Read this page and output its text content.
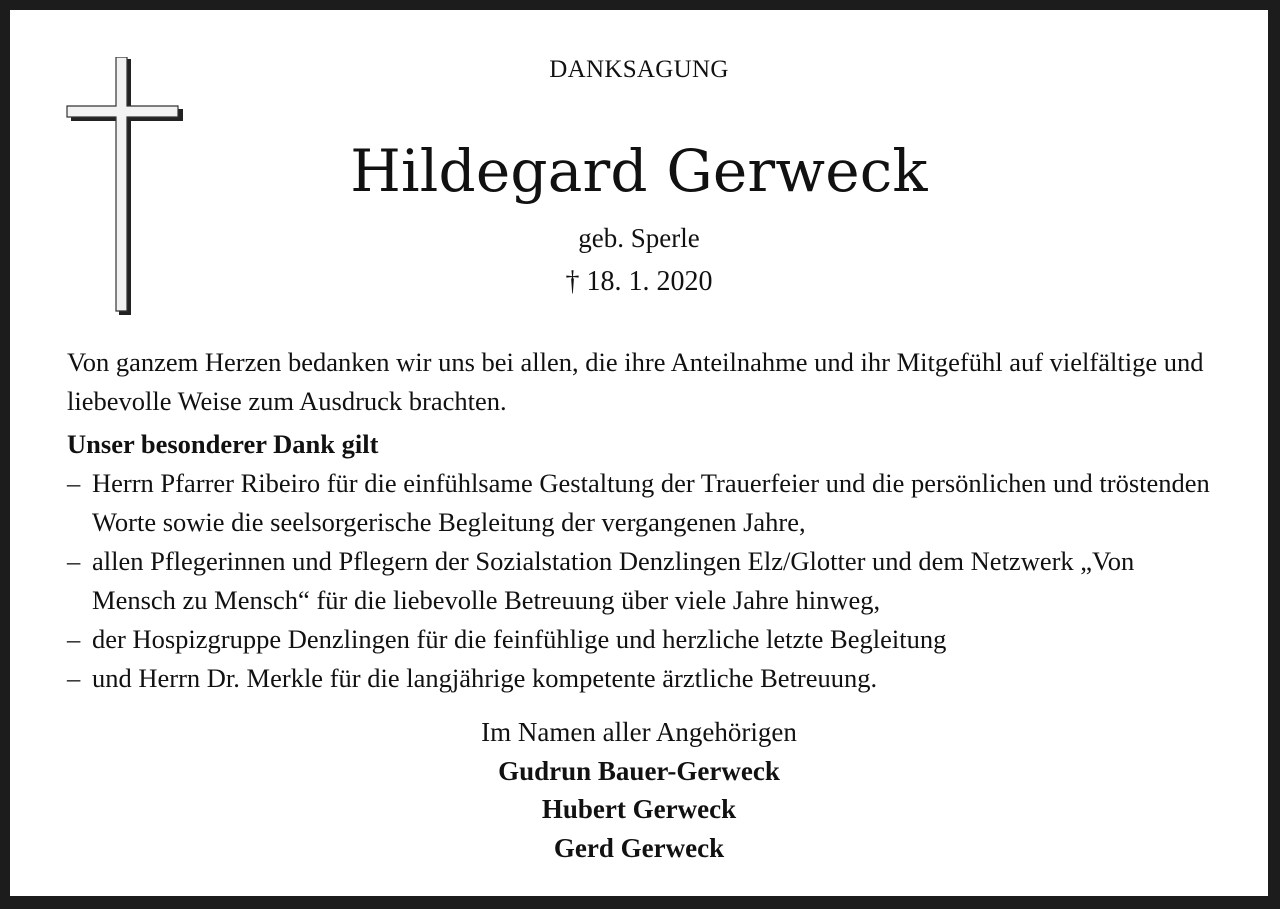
DANKSAGUNG
Hildegard Gerweck
geb. Sperle
† 18. 1. 2020

Von ganzem Herzen bedanken wir uns bei allen, die ihre Anteilnahme und ihr Mitgefühl auf vielfältige und liebevolle Weise zum Ausdruck brachten.

Unser besonderer Dank gilt

– Herrn Pfarrer Ribeiro für die einfühlsame Gestaltung der Trauerfeier und die persönlichen und tröstenden Worte sowie die seelsorgerische Begleitung der vergangenen Jahre,
– allen Pflegerinnen und Pflegern der Sozialstation Denzlingen Elz/Glotter und dem Netzwerk „Von Mensch zu Mensch“ für die liebevolle Betreuung über viele Jahre hinweg,
– der Hospizgruppe Denzlingen für die feinfühlige und herzliche letzte Begleitung
– und Herrn Dr. Merkle für die langjährige kompetente ärztliche Betreuung.
Im Namen aller Angehörigen
Gudrun Bauer-Gerweck
Hubert Gerweck
Gerd Gerweck
